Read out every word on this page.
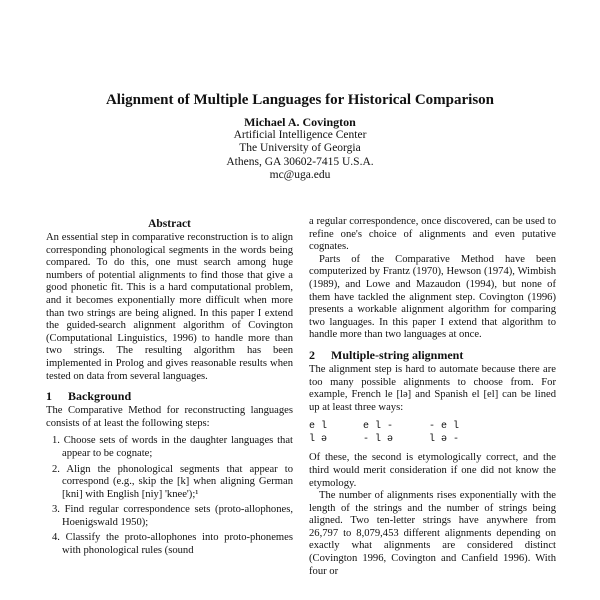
Alignment of Multiple Languages for Historical Comparison
Michael A. Covington
Artificial Intelligence Center
The University of Georgia
Athens, GA 30602-7415 U.S.A.
mc@uga.edu
Abstract

An essential step in comparative reconstruction is to align corresponding phonological segments in the words being compared. To do this, one must search among huge numbers of potential alignments to find those that give a good phonetic fit. This is a hard computational problem, and it becomes exponentially more difficult when more than two strings are being aligned. In this paper I extend the guided-search alignment algorithm of Covington (Computational Linguistics, 1996) to handle more than two strings. The resulting algorithm has been implemented in Prolog and gives reasonable results when tested on data from several languages.

1 Background

The Comparative Method for reconstructing languages consists of at least the following steps:

1. Choose sets of words in the daughter languages that appear to be cognate;
2. Align the phonological segments that appear to correspond (e.g., skip the [k] when aligning German [kni] with English [niy] 'knee');¹
3. Find regular correspondence sets (proto-allophones, Hoenigswald 1950);
4. Classify the proto-allophones into proto-phonemes with phonological rules (sound

a regular correspondence, once discovered, can be used to refine one's choice of alignments and even putative cognates.

Parts of the Comparative Method have been computerized by Frantz (1970), Hewson (1974), Wimbish (1989), and Lowe and Mazaudon (1994), but none of them have tackled the alignment step. Covington (1996) presents a workable alignment algorithm for comparing two languages. In this paper I extend that algorithm to handle more than two languages at once.

2 Multiple-string alignment

The alignment step is hard to automate because there are too many possible alignments to choose from. For example, French le [lə] and Spanish el [el] can be lined up at least three ways:

e l      e l -      - e l
l ə      - l ə      l ə -

Of these, the second is etymologically correct, and the third would merit consideration if one did not know the etymology.

The number of alignments rises exponentially with the length of the strings and the number of strings being aligned. Two ten-letter strings have anywhere from 26,797 to 8,079,453 different alignments depending on exactly what alignments are considered distinct (Covington 1996, Covington and Canfield 1996). With four or
